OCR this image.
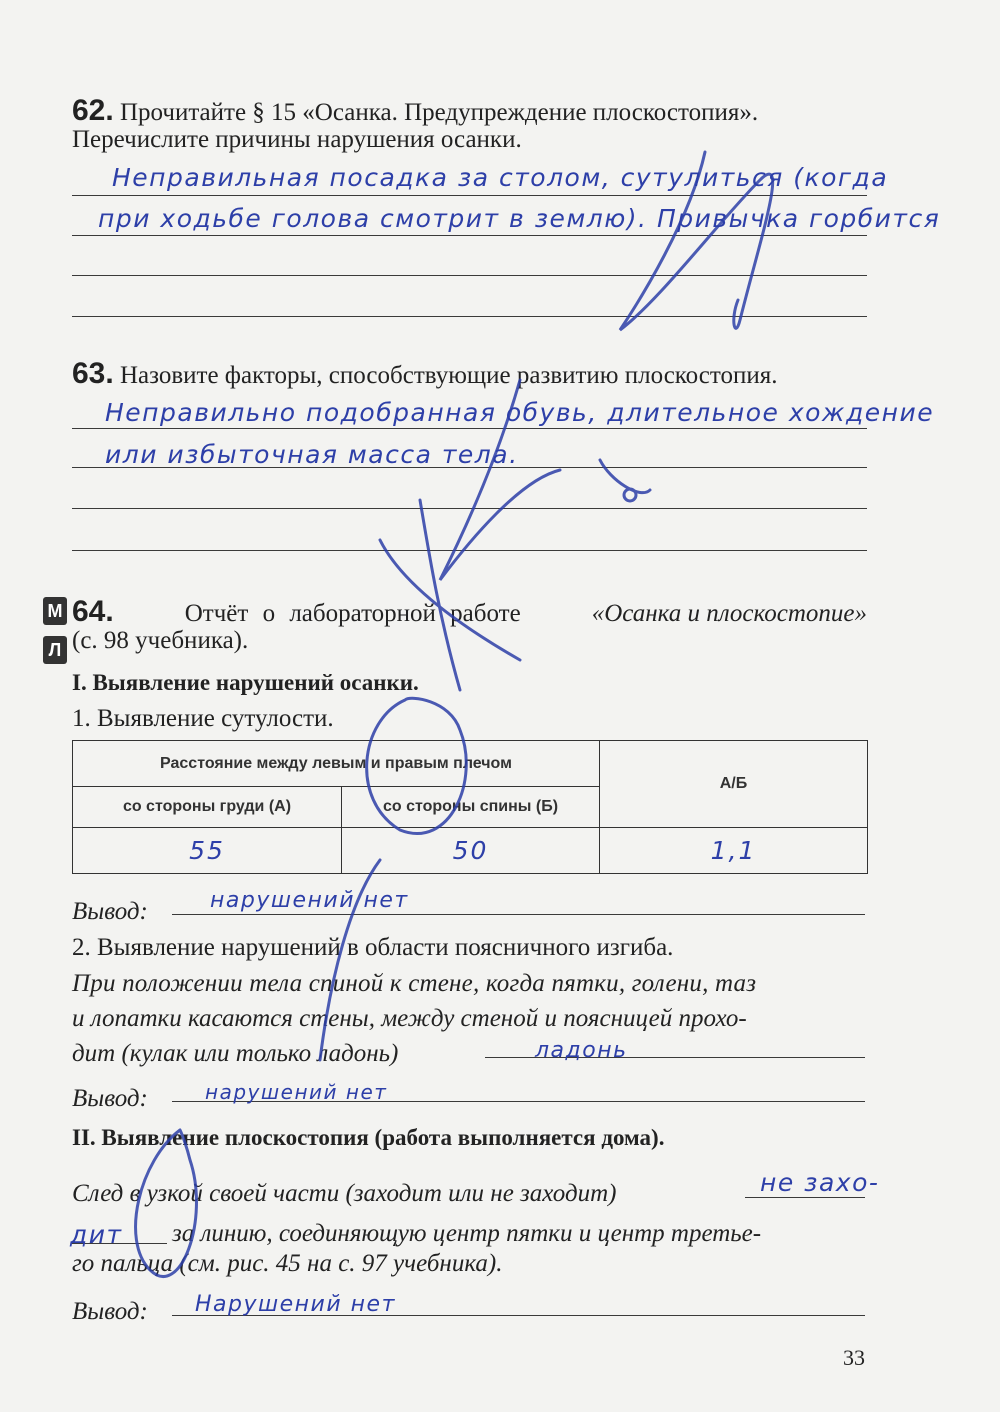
62. Прочитайте § 15 «Осанка. Предупреждение плоскостопия».
Перечислите причины нарушения осанки.
Неправильная посадка за столом, сутулиться (когда
при ходьбе голова смотрит в землю). Привычка горбится
63. Назовите факторы, способствующие развитию плоскостопия.
Неправильно подобранная обувь, длительное хождение
или избыточная масса тела.
М
Л
64.	Отчёт о лабораторной работе	«Осанка и плоскостопие»
(с. 98 учебника).
I. Выявление нарушений осанки.
1. Выявление сутулости.
Расстояние между левым и правым плечом		А/Б
со стороны груди (А)	со стороны спины (Б)	
55	50	1,1
Вывод:	нарушений нет
2. Выявление нарушений в области поясничного изгиба.
При положении тела спиной к стене, когда пятки, голени, таз
и лопатки касаются стены, между стеной и поясницей прохо-
дит (кулак или только ладонь)	ладонь
Вывод:	нарушений нет
II. Выявление плоскостопия (работа выполняется дома).
След в узкой своей части (заходит или не заходит)	не захо-
дит за линию, соединяющую центр пятки и центр третье-
го пальца (см. рис. 45 на с. 97 учебника).
Вывод: Нарушений нет
33
